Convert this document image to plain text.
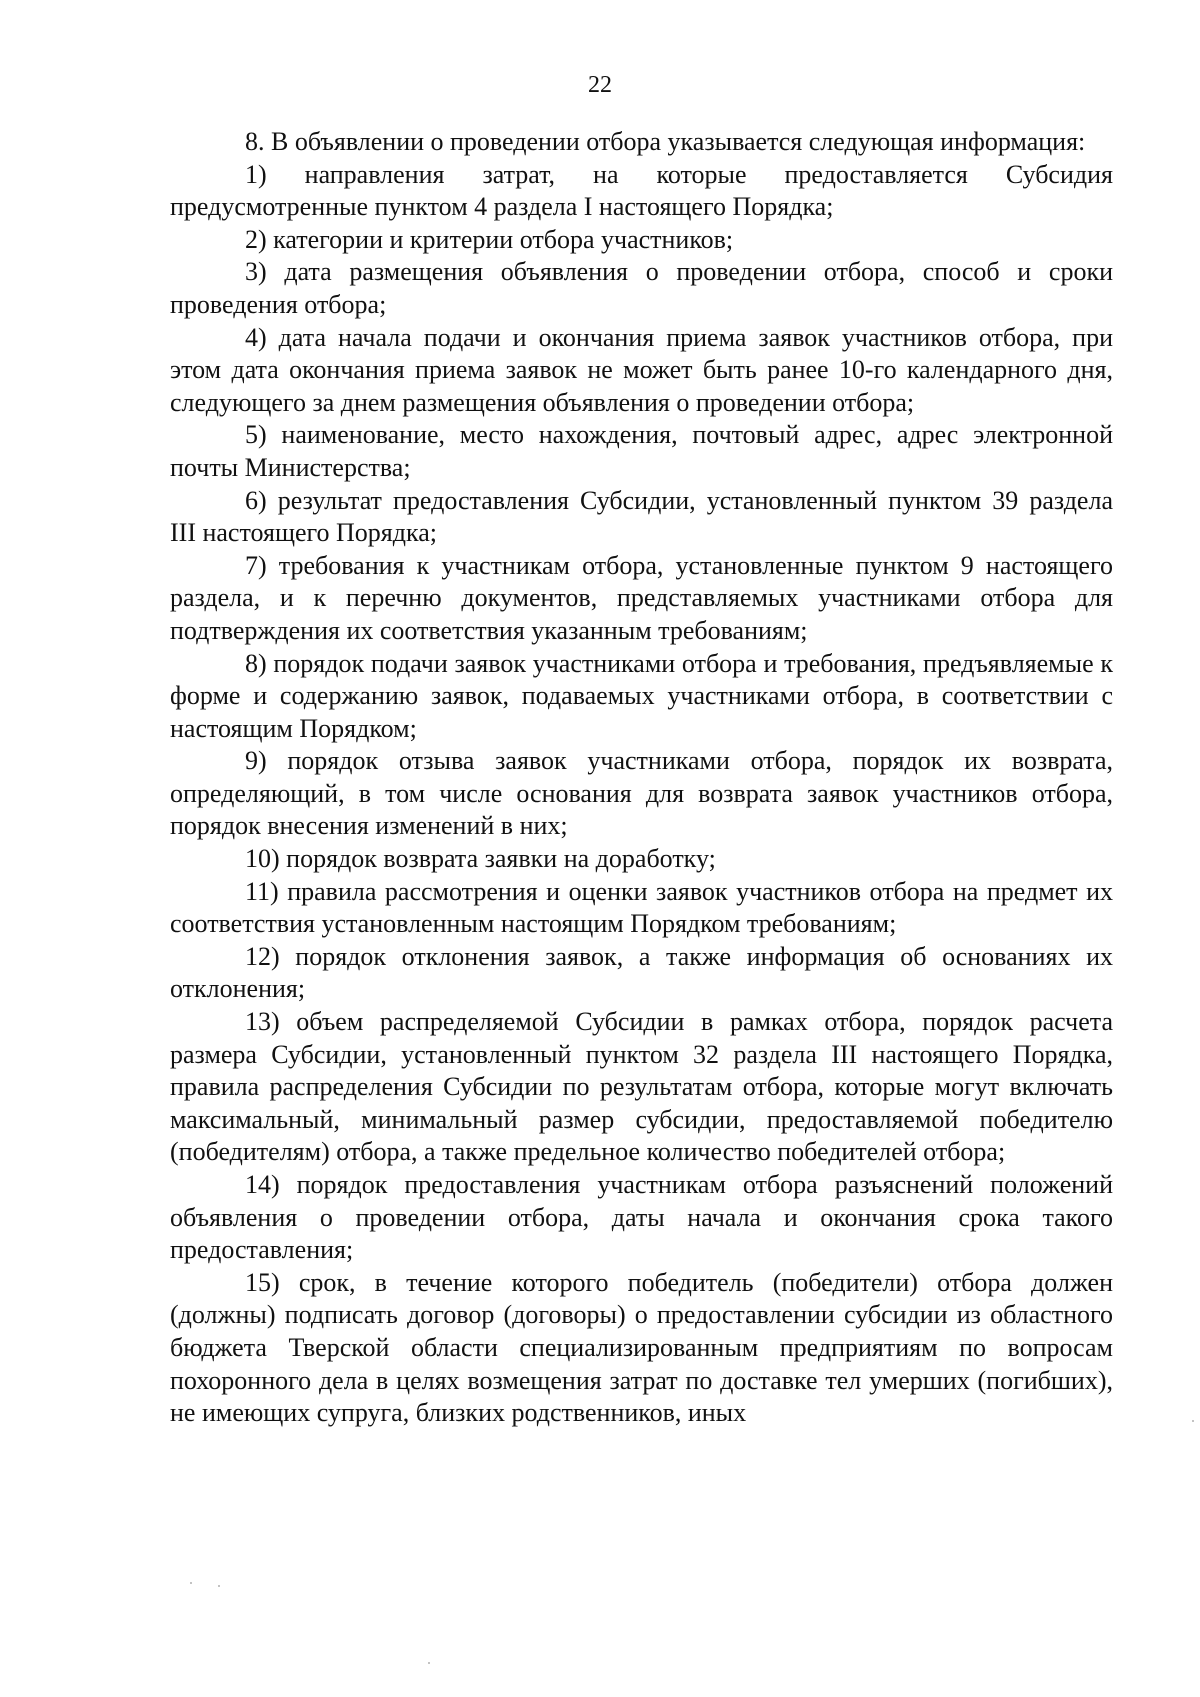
22

8. В объявлении о проведении отбора указывается следующая информация:

1) направления затрат, на которые предоставляется Субсидия предусмотренные пунктом 4 раздела I настоящего Порядка;

2) категории и критерии отбора участников;

3) дата размещения объявления о проведении отбора, способ и сроки проведения отбора;

4) дата начала подачи и окончания приема заявок участников отбора, при этом дата окончания приема заявок не может быть ранее 10-го календарного дня, следующего за днем размещения объявления о проведении отбора;

5) наименование, место нахождения, почтовый адрес, адрес электронной почты Министерства;

6) результат предоставления Субсидии, установленный пунктом 39 раздела III настоящего Порядка;

7) требования к участникам отбора, установленные пунктом 9 настоящего раздела, и к перечню документов, представляемых участниками отбора для подтверждения их соответствия указанным требованиям;

8) порядок подачи заявок участниками отбора и требования, предъявляемые к форме и содержанию заявок, подаваемых участниками отбора, в соответствии с настоящим Порядком;

9) порядок отзыва заявок участниками отбора, порядок их возврата, определяющий, в том числе основания для возврата заявок участников отбора, порядок внесения изменений в них;

10) порядок возврата заявки на доработку;

11) правила рассмотрения и оценки заявок участников отбора на предмет их соответствия установленным настоящим Порядком требованиям;

12) порядок отклонения заявок, а также информация об основаниях их отклонения;

13) объем распределяемой Субсидии в рамках отбора, порядок расчета размера Субсидии, установленный пунктом 32 раздела III настоящего Порядка, правила распределения Субсидии по результатам отбора, которые могут включать максимальный, минимальный размер субсидии, предоставляемой победителю (победителям) отбора, а также предельное количество победителей отбора;

14) порядок предоставления участникам отбора разъяснений положений объявления о проведении отбора, даты начала и окончания срока такого предоставления;

15) срок, в течение которого победитель (победители) отбора должен (должны) подписать договор (договоры) о предоставлении субсидии из областного бюджета Тверской области специализированным предприятиям по вопросам похоронного дела в целях возмещения затрат по доставке тел умерших (погибших), не имеющих супруга, близких родственников, иных
